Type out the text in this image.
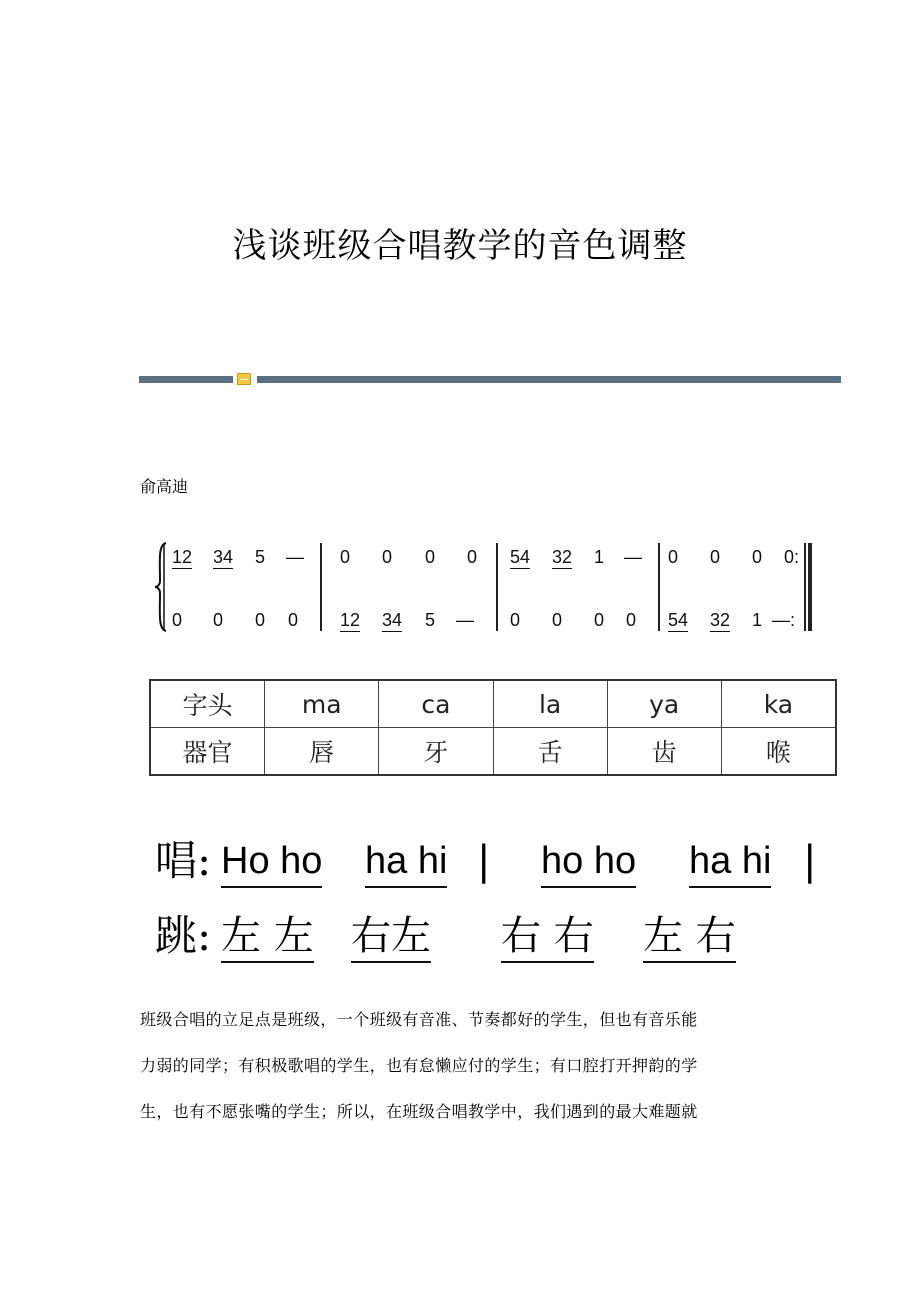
浅谈班级合唱教学的音色调整
俞高迪
12 34 5 — 0 0 0 0 54 32 1 — 0 0 0 0:
0 0 0 0 12 34 5 — 0 0 0 0 54 32 1 —:
字头	ma	ca	la	ya	ka
器官	唇	牙	舌	齿	喉
唱: Ho ho ha hi | ho ho ha hi |
跳: 左 左 右左 右 右 左 右

班级合唱的立足点是班级，一个班级有音准、节奏都好的学生，但也有音乐能

力弱的同学；有积极歌唱的学生，也有怠懒应付的学生；有口腔打开押韵的学

生，也有不愿张嘴的学生；所以，在班级合唱教学中，我们遇到的最大难题就
